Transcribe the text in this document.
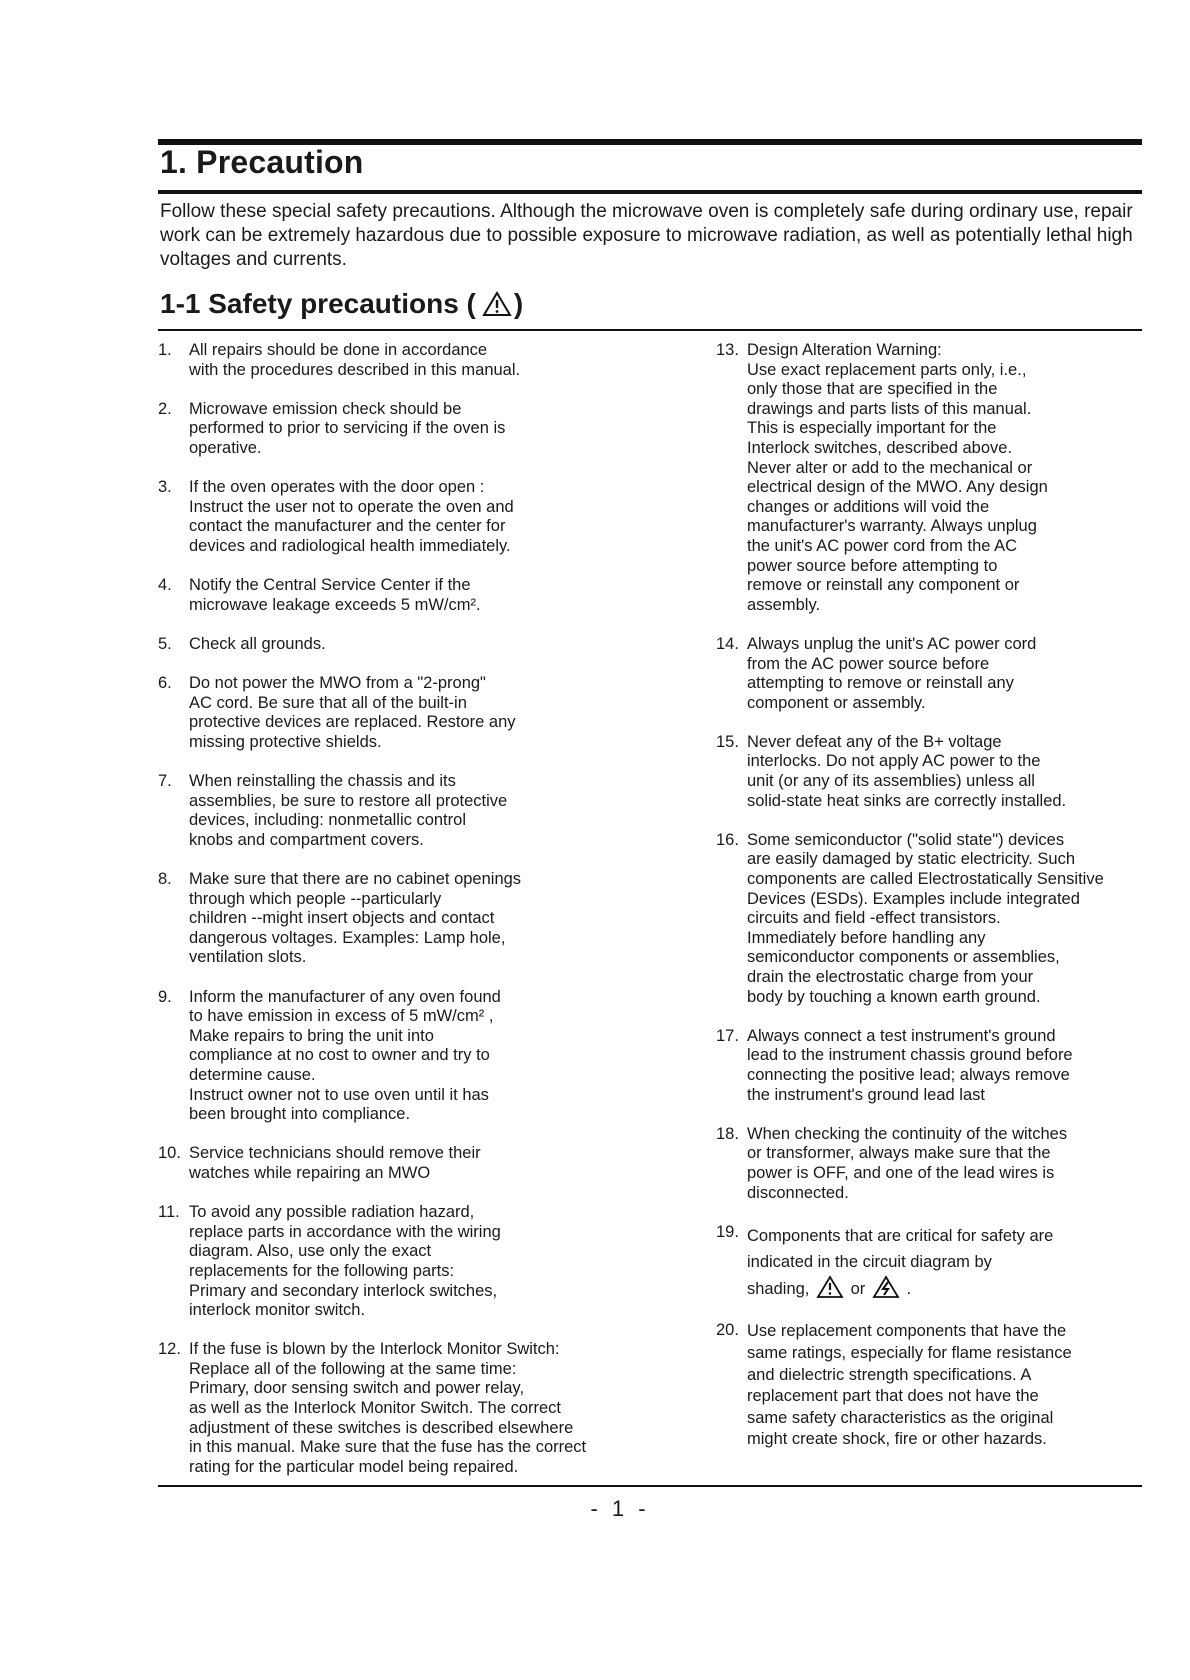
1. Precaution

Follow these special safety precautions. Although the microwave oven is completely safe during ordinary use, repair work can be extremely hazardous due to possible exposure to microwave radiation, as well as potentially lethal high voltages and currents.

1-1 Safety precautions ( )
1.	All repairs should be done in accordance
with the procedures described in this manual.
2.	Microwave emission check should be
performed to prior to servicing if the oven is
operative.
3.	If the oven operates with the door open :
Instruct the user not to operate the oven and
contact the manufacturer and the center for
devices and radiological health immediately.
4.	Notify the Central Service Center if the
microwave leakage exceeds 5 mW/cm².
5.	Check all grounds.
6.	Do not power the MWO from a "2-prong"
AC cord. Be sure that all of the built-in
protective devices are replaced. Restore any
missing protective shields.
7.	When reinstalling the chassis and its
assemblies, be sure to restore all protective
devices, including: nonmetallic control
knobs and compartment covers.
8.	Make sure that there are no cabinet openings
through which people --particularly
children --might insert objects and contact
dangerous voltages. Examples: Lamp hole,
ventilation slots.
9.	Inform the manufacturer of any oven found
to have emission in excess of 5 mW/cm² ,
Make repairs to bring the unit into
compliance at no cost to owner and try to
determine cause.
Instruct owner not to use oven until it has
been brought into compliance.
10. Service technicians should remove their
watches while repairing an MWO
11. To avoid any possible radiation hazard,
replace parts in accordance with the wiring
diagram. Also, use only the exact
replacements for the following parts:
Primary and secondary interlock switches,
interlock monitor switch.
12. If the fuse is blown by the Interlock Monitor Switch:
Replace all of the following at the same time:
Primary, door sensing switch and power relay,
as well as the Interlock Monitor Switch. The correct
adjustment of these switches is described elsewhere
in this manual. Make sure that the fuse has the correct
rating for the particular model being repaired.
13. Design Alteration Warning:
Use exact replacement parts only, i.e.,
only those that are specified in the
drawings and parts lists of this manual.
This is especially important for the
Interlock switches, described above.
Never alter or add to the mechanical or
electrical design of the MWO. Any design
changes or additions will void the
manufacturer's warranty. Always unplug
the unit's AC power cord from the AC
power source before attempting to
remove or reinstall any component or
assembly.
14. Always unplug the unit's AC power cord
from the AC power source before
attempting to remove or reinstall any
component or assembly.
15. Never defeat any of the B+ voltage
interlocks. Do not apply AC power to the
unit (or any of its assemblies) unless all
solid-state heat sinks are correctly installed.
16. Some semiconductor ("solid state") devices
are easily damaged by static electricity. Such
components are called Electrostatically Sensitive
Devices (ESDs). Examples include integrated
circuits and field -effect transistors.
Immediately before handling any
semiconductor components or assemblies,
drain the electrostatic charge from your
body by touching a known earth ground.
17. Always connect a test instrument's ground
lead to the instrument chassis ground before
connecting the positive lead; always remove
the instrument's ground lead last
18. When checking the continuity of the witches
or transformer, always make sure that the
power is OFF, and one of the lead wires is
disconnected.
19. Components that are critical for safety are
indicated in the circuit diagram by
shading, or .
20. Use replacement components that have the
same ratings, especially for flame resistance
and dielectric strength specifications. A
replacement part that does not have the
same safety characteristics as the original
might create shock, fire or other hazards.

- 1 -
